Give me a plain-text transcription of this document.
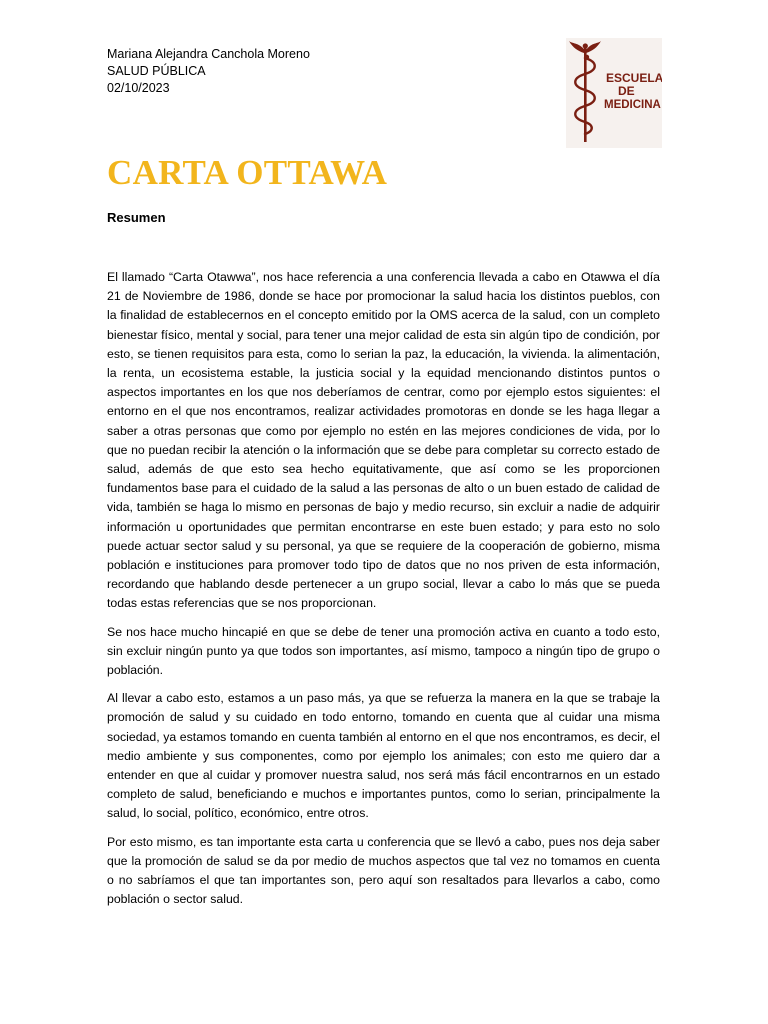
Mariana Alejandra Canchola Moreno
SALUD PÚBLICA
02/10/2023
ESCUELA
DE
MEDICINA
CARTA OTTAWA
Resumen

El llamado “Carta Otawwa”, nos hace referencia a una conferencia llevada a cabo en Otawwa el día 21 de Noviembre de 1986, donde se hace por promocionar la salud hacia los distintos pueblos, con la finalidad de establecernos en el concepto emitido por la OMS acerca de la salud, con un completo bienestar físico, mental y social, para tener una mejor calidad de esta sin algún tipo de condición, por esto, se tienen requisitos para esta, como lo serian la paz, la educación, la vivienda. la alimentación, la renta, un ecosistema estable, la justicia social y la equidad mencionando distintos puntos o aspectos importantes en los que nos deberíamos de centrar, como por ejemplo estos siguientes: el entorno en el que nos encontramos, realizar actividades promotoras en donde se les haga llegar a saber a otras personas que como por ejemplo no estén en las mejores condiciones de vida, por lo que no puedan recibir la atención o la información que se debe para completar su correcto estado de salud, además de que esto sea hecho equitativamente, que así como se les proporcionen fundamentos base para el cuidado de la salud a las personas de alto o un buen estado de calidad de vida, también se haga lo mismo en personas de bajo y medio recurso, sin excluir a nadie de adquirir información u oportunidades que permitan encontrarse en este buen estado; y para esto no solo puede actuar sector salud y su personal, ya que se requiere de la cooperación de gobierno, misma población e instituciones para promover todo tipo de datos que no nos priven de esta información, recordando que hablando desde pertenecer a un grupo social, llevar a cabo lo más que se pueda todas estas referencias que se nos proporcionan.

Se nos hace mucho hincapié en que se debe de tener una promoción activa en cuanto a todo esto, sin excluir ningún punto ya que todos son importantes, así mismo, tampoco a ningún tipo de grupo o población.

Al llevar a cabo esto, estamos a un paso más, ya que se refuerza la manera en la que se trabaje la promoción de salud y su cuidado en todo entorno, tomando en cuenta que al cuidar una misma sociedad, ya estamos tomando en cuenta también al entorno en el que nos encontramos, es decir, el medio ambiente y sus componentes, como por ejemplo los animales; con esto me quiero dar a entender en que al cuidar y promover nuestra salud, nos será más fácil encontrarnos en un estado completo de salud, beneficiando e muchos e importantes puntos, como lo serian, principalmente la salud, lo social, político, económico, entre otros.

Por esto mismo, es tan importante esta carta u conferencia que se llevó a cabo, pues nos deja saber que la promoción de salud se da por medio de muchos aspectos que tal vez no tomamos en cuenta o no sabríamos el que tan importantes son, pero aquí son resaltados para llevarlos a cabo, como población o sector salud.
